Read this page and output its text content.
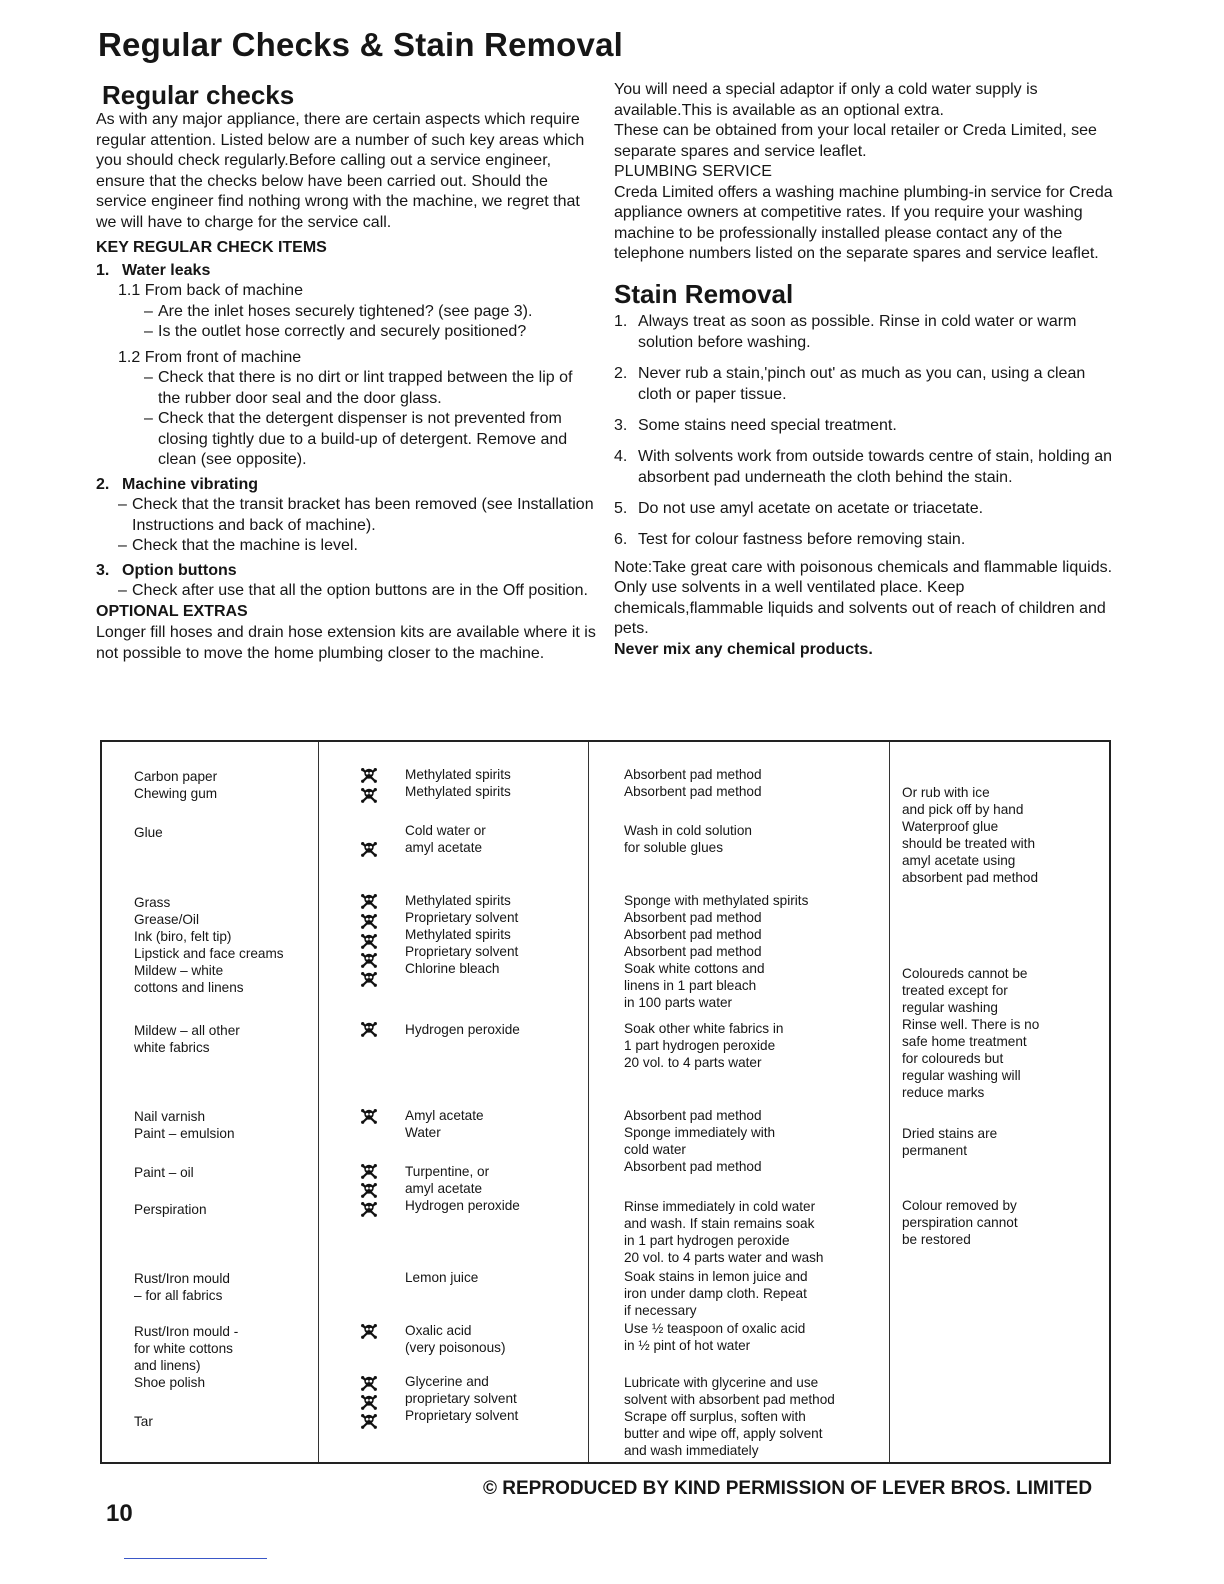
Regular Checks & Stain Removal
Regular checks

As with any major appliance, there are certain aspects which require regular attention. Listed below are a number of such key areas which you should check regularly.Before calling out a service engineer, ensure that the checks below have been carried out. Should the service engineer find nothing wrong with the machine, we regret that we will have to charge for the service call.

KEY REGULAR CHECK ITEMS
1. Water leaks
1.1 From back of machine
– Are the inlet hoses securely tightened? (see page 3).
– Is the outlet hose correctly and securely positioned?
1.2 From front of machine
– Check that there is no dirt or lint trapped between the lip of the rubber door seal and the door glass.
– Check that the detergent dispenser is not prevented from closing tightly due to a build-up of detergent. Remove and clean (see opposite).
2. Machine vibrating
– Check that the transit bracket has been removed (see Installation Instructions and back of machine).
– Check that the machine is level.
3. Option buttons
– Check after use that all the option buttons are in the Off position.
OPTIONAL EXTRAS

Longer fill hoses and drain hose extension kits are available where it is not possible to move the home plumbing closer to the machine.

You will need a special adaptor if only a cold water supply is available.This is available as an optional extra.

These can be obtained from your local retailer or Creda Limited, see separate spares and service leaflet.

PLUMBING SERVICE

Creda Limited offers a washing machine plumbing-in service for Creda appliance owners at competitive rates. If you require your washing machine to be professionally installed please contact any of the telephone numbers listed on the separate spares and service leaflet.

Stain Removal
1. Always treat as soon as possible. Rinse in cold water or warm solution before washing.
2. Never rub a stain,'pinch out' as much as you can, using a clean cloth or paper tissue.
3. Some stains need special treatment.
4. With solvents work from outside towards centre of stain, holding an absorbent pad underneath the cloth behind the stain.
5. Do not use amyl acetate on acetate or triacetate.
6. Test for colour fastness before removing stain.

Note:Take great care with poisonous chemicals and flammable liquids. Only use solvents in a well ventilated place. Keep chemicals,flammable liquids and solvents out of reach of children and pets.

Never mix any chemical products.
Carbon paper
Chewing gum
Glue
Grass
Grease/Oil
Ink (biro, felt tip)
Lipstick and face creams
Mildew – white
cottons and linens
Mildew – all other
white fabrics
Nail varnish
Paint – emulsion
Paint – oil
Perspiration
Rust/Iron mould
– for all fabrics
Rust/Iron mould -
for white cottons
and linens)
Shoe polish
Tar
Methylated spirits
Methylated spirits
Cold water or
amyl acetate
Methylated spirits
Proprietary solvent
Methylated spirits
Proprietary solvent
Chlorine bleach
Hydrogen peroxide
Amyl acetate
Water
Turpentine, or
amyl acetate
Hydrogen peroxide
Lemon juice
Oxalic acid
(very poisonous)
Glycerine and
proprietary solvent
Proprietary solvent
Absorbent pad method
Absorbent pad method
Wash in cold solution
for soluble glues
Sponge with methylated spirits
Absorbent pad method
Absorbent pad method
Absorbent pad method
Soak white cottons and
linens in 1 part bleach
in 100 parts water
Soak other white fabrics in
1 part hydrogen peroxide
20 vol. to 4 parts water
Absorbent pad method
Sponge immediately with
cold water
Absorbent pad method
Rinse immediately in cold water
and wash. If stain remains soak
in 1 part hydrogen peroxide
20 vol. to 4 parts water and wash
Soak stains in lemon juice and
iron under damp cloth. Repeat
if necessary
Use ½ teaspoon of oxalic acid
in ½ pint of hot water
Lubricate with glycerine and use
solvent with absorbent pad method
Scrape off surplus, soften with
butter and wipe off, apply solvent
and wash immediately
Or rub with ice
and pick off by hand
Waterproof glue
should be treated with
amyl acetate using
absorbent pad method
Coloureds cannot be
treated except for
regular washing
Rinse well. There is no
safe home treatment
for coloureds but
regular washing will
reduce marks
Dried stains are
permanent
Colour removed by
perspiration cannot
be restored
© REPRODUCED BY KIND PERMISSION OF LEVER BROS. LIMITED
10
